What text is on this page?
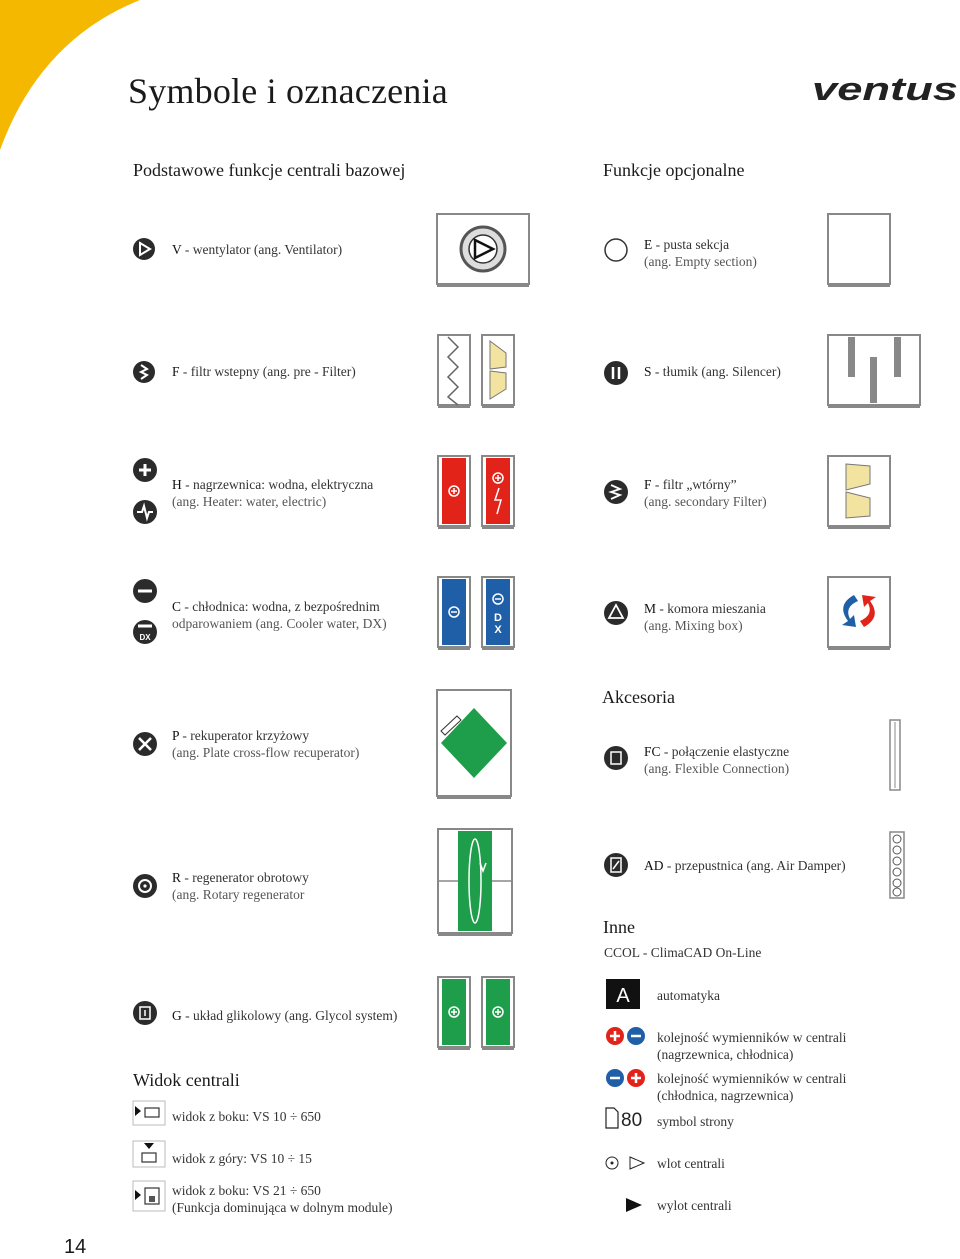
Symbole i oznaczenia	ventus
Podstawowe funkcje centrali bazowej	Funkcje opcjonalne
V - wentylator (ang. Ventilator)
F - filtr wstepny (ang. pre - Filter)
H - nagrzewnica: wodna, elektryczna
(ang. Heater: water, electric)
DX
C - chłodnica: wodna, z bezpośrednim
odparowaniem (ang. Cooler water, DX)	D
X
P - rekuperator krzyżowy
(ang. Plate cross-flow recuperator)
R - regenerator obrotowy
(ang. Rotary regenerator
G - układ glikolowy (ang. Glycol system)
E - pusta sekcja
(ang. Empty section)
S - tłumik (ang. Silencer)
F - filtr „wtórny”
(ang. secondary Filter)
M - komora mieszania
(ang. Mixing box)
Akcesoria
FC - połączenie elastyczne
(ang. Flexible Connection)
AD - przepustnica (ang. Air Damper)
Inne
CCOL - ClimaCAD On-Line
A automatyka
kolejność wymienników w centrali
(nagrzewnica, chłodnica)
kolejność wymienników w centrali
(chłodnica, nagrzewnica)
80 symbol strony
wlot centrali
wylot centrali
Widok centrali
widok z boku: VS 10 ÷ 650
widok z góry: VS 10 ÷ 15
widok z boku: VS 21 ÷ 650
(Funkcja dominująca w dolnym module)
14
